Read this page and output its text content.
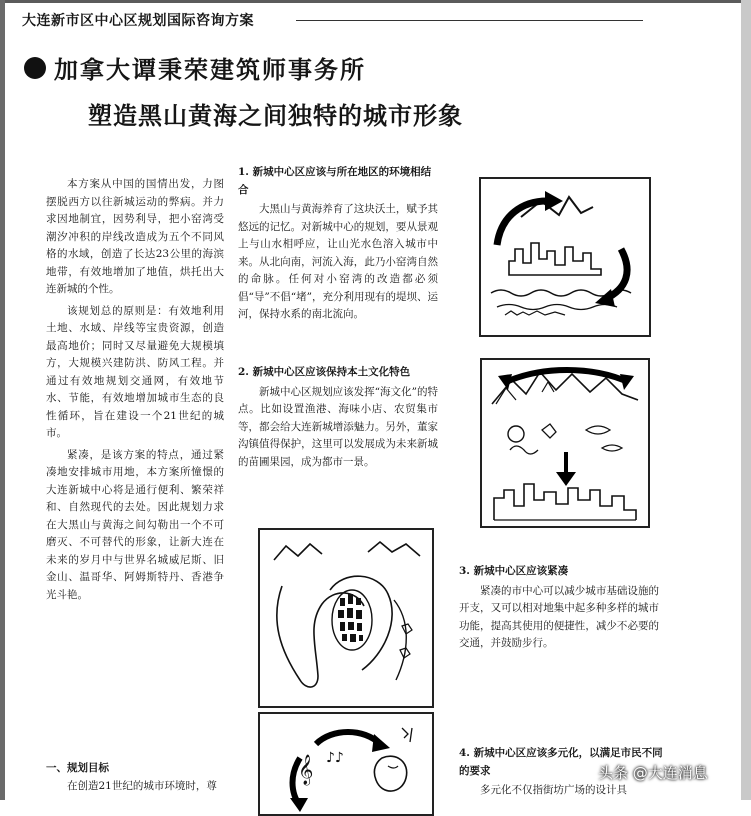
大连新市区中心区规划国际咨询方案
加拿大谭秉荣建筑师事务所
塑造黑山黄海之间独特的城市形象

本方案从中国的国情出发，力图摆脱西方以往新城运动的弊病。并力求因地制宜，因势利导，把小窑湾受潮汐冲积的岸线改造成为五个不同风格的水域，创造了长达23公里的海滨地带，有效地增加了地值，烘托出大连新城的个性。

该规划总的原则是：有效地利用土地、水域、岸线等宝贵资源，创造最高地价；同时又尽量避免大规模填方，大规模兴建防洪、防风工程。并通过有效地规划交通网，有效地节水、节能，有效地增加城市生态的良性循环，旨在建设一个21世纪的城市。

紧凑，是该方案的特点，通过紧凑地安排城市用地，本方案所憧憬的大连新城中心将是通行便利、繁荣祥和、自然现代的去处。因此规划力求在大黑山与黄海之间勾勒出一个不可磨灭、不可替代的形象，让新大连在未来的岁月中与世界名城威尼斯、旧金山、温哥华、阿姆斯特丹、香港争光斗艳。

一、规划目标

在创造21世纪的城市环境时，尊

1. 新城中心区应该与所在地区的环境相结合

大黑山与黄海养育了这块沃土，赋予其悠远的记忆。对新城中心的规划，要从景观上与山水相呼应，让山光水色溶入城市中来。从北向南，河流入海，此乃小窑湾自然的命脉。任何对小窑湾的改造都必须倡“导”不倡“堵”，充分利用现有的堤坝、运河，保持水系的南北流向。

2. 新城中心区应该保持本土文化特色

新城中心区规划应该发挥“海文化”的特点。比如设置渔港、海味小店、农贸集市等，都会给大连新城增添魅力。另外，董家沟镇值得保护，这里可以发展成为未来新城的苗圃果园，成为都市一景。

3. 新城中心区应该紧凑

紧凑的市中心可以减少城市基础设施的开支，又可以相对地集中起多种多样的城市功能，提高其使用的便捷性，减少不必要的交通，并鼓励步行。

4. 新城中心区应该多元化，以满足市民不同的要求

多元化不仅指街坊广场的设计具

𝄞 ♪♪
头条 @大连消息
